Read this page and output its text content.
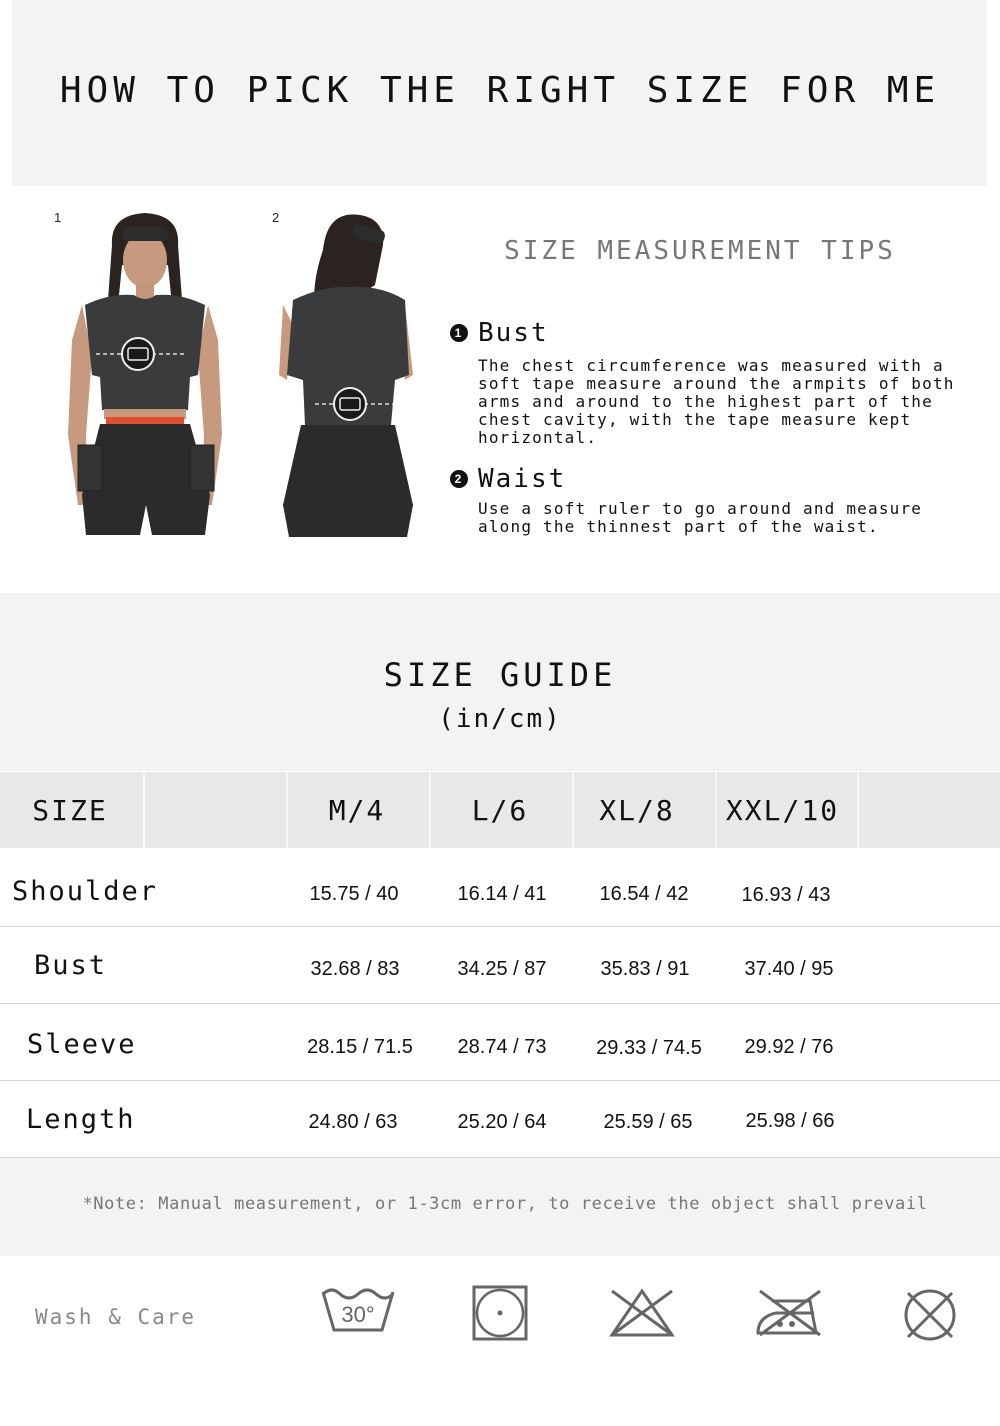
HOW TO PICK THE RIGHT SIZE FOR ME
1	2
SIZE MEASUREMENT TIPS
1 Bust
The chest circumference was measured with a
soft tape measure around the armpits of both
arms and around to the highest part of the
chest cavity, with the tape measure kept
horizontal.
2 Waist
Use a soft ruler to go around and measure
along the thinnest part of the waist.
SIZE GUIDE
(in/cm)
SIZE	M/4	L/6	XL/8	XXL/10
Shoulder	15.75 / 40	16.14 / 41	16.54 / 42	16.93 / 43
Bust	32.68 / 83	34.25 / 87	35.83 / 91	37.40 / 95
Sleeve	28.15 / 71.5	28.74 / 73	29.33 / 74.5	29.92 / 76
Length	24.80 / 63	25.20 / 64	25.59 / 65	25.98 / 66
*Note: Manual measurement, or 1-3cm error, to receive the object shall prevail
Wash & Care	30°
